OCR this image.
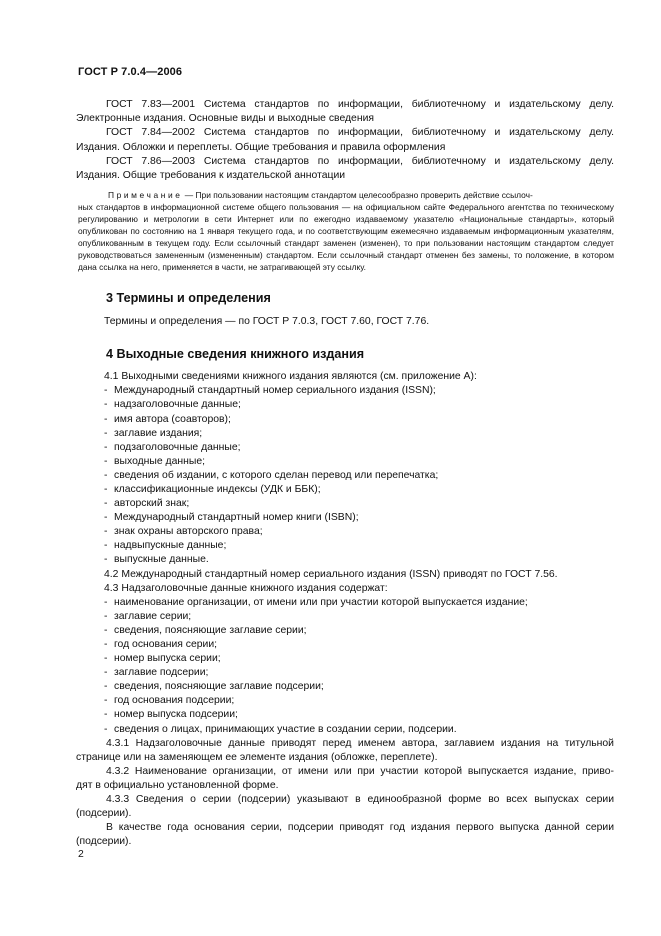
ГОСТ Р 7.0.4—2006
ГОСТ 7.83—2001 Система стандартов по информации, библиотечному и издательскому делу.
Электронные издания. Основные виды и выходные сведения
ГОСТ 7.84—2002 Система стандартов по информации, библиотечному и издательскому делу.
Издания. Обложки и переплеты. Общие требования и правила оформления
ГОСТ 7.86—2003 Система стандартов по информации, библиотечному и издательскому делу.
Издания. Общие требования к издательской аннотации
Примечание — При пользовании настоящим стандартом целесообразно проверить действие ссылоч-
ных стандартов в информационной системе общего пользования — на официальном сайте Федерального агентства по техническому регулированию и метрологии в сети Интернет или по ежегодно издаваемому указателю «Национальные стандарты», который опубликован по состоянию на 1 января текущего года, и по соответствующим ежемесячно издаваемым информационным указателям, опубликованным в текущем году. Если ссылочный стандарт заменен (изменен), то при пользовании настоящим стандартом следует руководствоваться замененным (измененным) стандартом. Если ссылочный стандарт отменен без замены, то положение, в котором дана ссылка на него, применяется в части, не затрагивающей эту ссылку.
3 Термины и определения
Термины и определения — по ГОСТ Р 7.0.3, ГОСТ 7.60, ГОСТ 7.76.
4 Выходные сведения книжного издания
4.1 Выходными сведениями книжного издания являются (см. приложение А):
- Международный стандартный номер сериального издания (ISSN);
- надзаголовочные данные;
- имя автора (соавторов);
- заглавие издания;
- подзаголовочные данные;
- выходные данные;
- сведения об издании, с которого сделан перевод или перепечатка;
- классификационные индексы (УДК и ББК);
- авторский знак;
- Международный стандартный номер книги (ISBN);
- знак охраны авторского права;
- надвыпускные данные;
- выпускные данные.
4.2 Международный стандартный номер сериального издания (ISSN) приводят по ГОСТ 7.56.
4.3 Надзаголовочные данные книжного издания содержат:
- наименование организации, от имени или при участии которой выпускается издание;
- заглавие серии;
- сведения, поясняющие заглавие серии;
- год основания серии;
- номер выпуска серии;
- заглавие подсерии;
- сведения, поясняющие заглавие подсерии;
- год основания подсерии;
- номер выпуска подсерии;
- сведения о лицах, принимающих участие в создании серии, подсерии.
4.3.1 Надзаголовочные данные приводят перед именем автора, заглавием издания на титульной
странице или на заменяющем ее элементе издания (обложке, переплете).
4.3.2 Наименование организации, от имени или при участии которой выпускается издание, приво-
дят в официально установленной форме.
4.3.3 Сведения о серии (подсерии) указывают в единообразной форме во всех выпусках серии
(подсерии).
В качестве года основания серии, подсерии приводят год издания первого выпуска данной серии
(подсерии).
2
